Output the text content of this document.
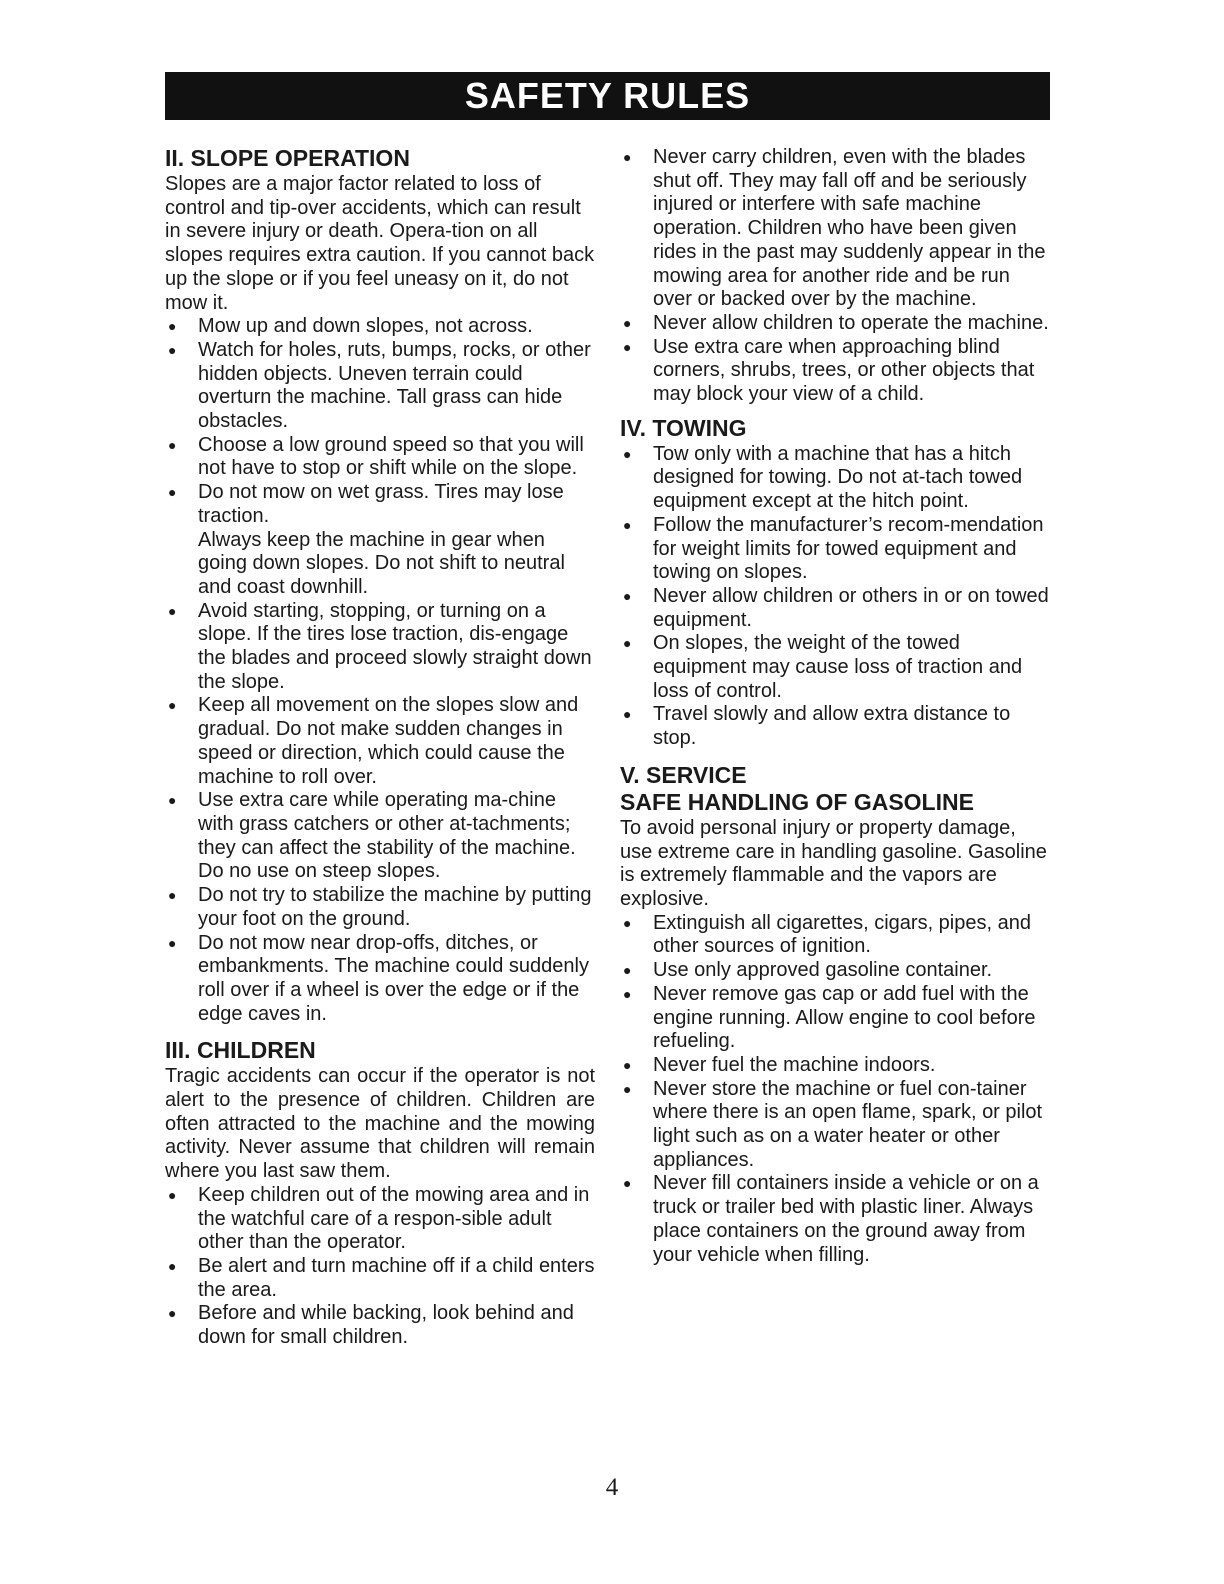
SAFETY RULES
II. SLOPE OPERATION

Slopes are a major factor related to loss of control and tip-over accidents, which can result in severe injury or death. Opera-tion on all slopes requires extra caution. If you cannot back up the slope or if you feel uneasy on it, do not mow it.

● Mow up and down slopes, not across.
● Watch for holes, ruts, bumps, rocks, or other hidden objects. Uneven terrain could overturn the machine. Tall grass can hide obstacles.
● Choose a low ground speed so that you will not have to stop or shift while on the slope.
● Do not mow on wet grass. Tires may lose traction.
Always keep the machine in gear when going down slopes. Do not shift to neutral and coast downhill.
● Avoid starting, stopping, or turning on a slope. If the tires lose traction, dis-engage the blades and proceed slowly straight down the slope.
● Keep all movement on the slopes slow and gradual. Do not make sudden changes in speed or direction, which could cause the machine to roll over.
● Use extra care while operating ma-chine with grass catchers or other at-tachments; they can affect the stability of the machine. Do no use on steep slopes.
● Do not try to stabilize the machine by putting your foot on the ground.
● Do not mow near drop-offs, ditches, or embankments. The machine could suddenly roll over if a wheel is over the edge or if the edge caves in.
III. CHILDREN

Tragic accidents can occur if the operator is not alert to the presence of children. Children are often attracted to the machine and the mowing activity. Never assume that children will remain where you last saw them.

● Keep children out of the mowing area and in the watchful care of a respon-sible adult other than the operator.
● Be alert and turn machine off if a child enters the area.
● Before and while backing, look behind and down for small children.
● Never carry children, even with the blades shut off. They may fall off and be seriously injured or interfere with safe machine operation. Children who have been given rides in the past may suddenly appear in the mowing area for another ride and be run over or backed over by the machine.
● Never allow children to operate the machine.
● Use extra care when approaching blind corners, shrubs, trees, or other objects that may block your view of a child.
IV. TOWING
● Tow only with a machine that has a hitch designed for towing. Do not at-tach towed equipment except at the hitch point.
● Follow the manufacturer’s recom-mendation for weight limits for towed equipment and towing on slopes.
● Never allow children or others in or on towed equipment.
● On slopes, the weight of the towed equipment may cause loss of traction and loss of control.
● Travel slowly and allow extra distance to stop.
V. SERVICE
SAFE HANDLING OF GASOLINE

To avoid personal injury or property damage, use extreme care in handling gasoline. Gasoline is extremely flammable and the vapors are explosive.

● Extinguish all cigarettes, cigars, pipes, and other sources of ignition.
● Use only approved gasoline container.
● Never remove gas cap or add fuel with the engine running. Allow engine to cool before refueling.
● Never fuel the machine indoors.
● Never store the machine or fuel con-tainer where there is an open flame, spark, or pilot light such as on a water heater or other appliances.
● Never fill containers inside a vehicle or on a truck or trailer bed with plastic liner. Always place containers on the ground away from your vehicle when filling.
4
